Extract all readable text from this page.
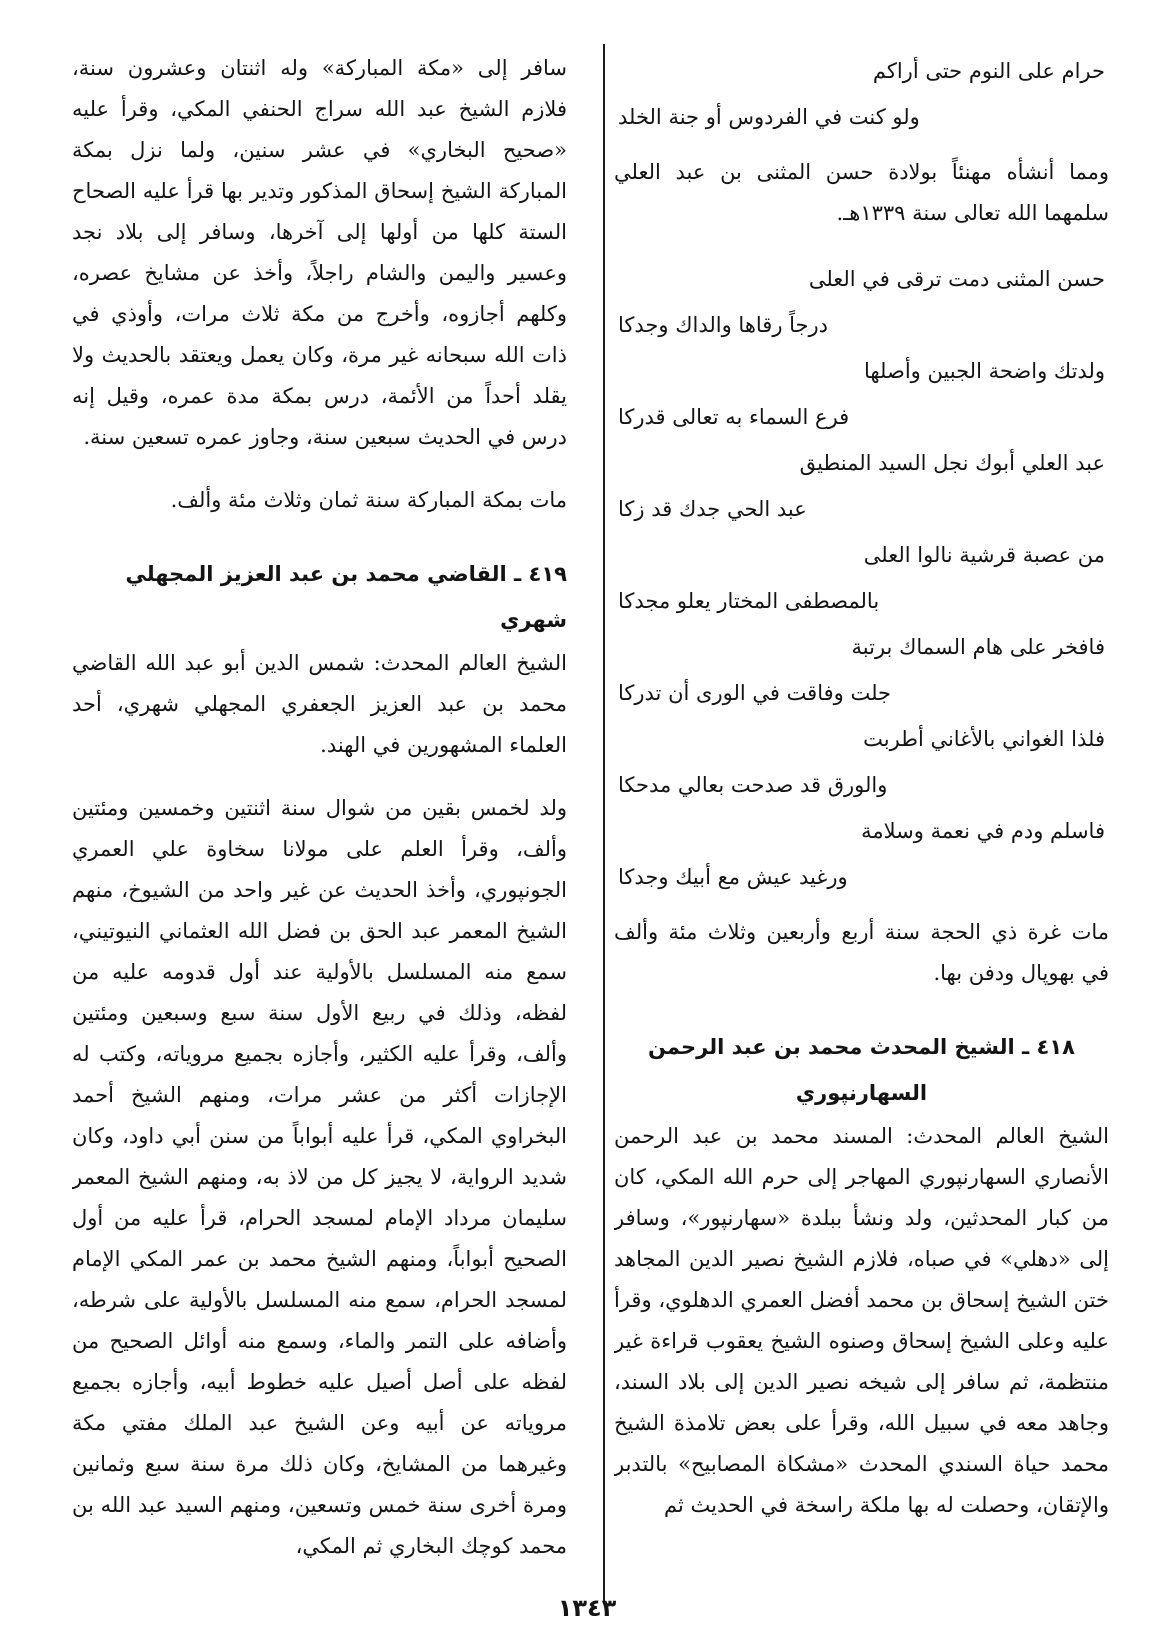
حرام على النوم حتى أراكم

ولو كنت في الفردوس أو جنة الخلد

ومما أنشأه مهنئاً بولادة حسن المثنى بن عبد العلي سلمهما الله تعالى سنة ١٣٣٩هـ.

حسن المثنى دمت ترقى في العلى

درجاً رقاها والداك وجدكا

ولدتك واضحة الجبين وأصلها

فرع السماء به تعالى قدركا

عبد العلي أبوك نجل السيد المنطيق

عبد الحي جدك قد زكا

من عصبة قرشية نالوا العلى

بالمصطفى المختار يعلو مجدكا

فافخر على هام السماك برتبة

جلت وفاقت في الورى أن تدركا

فلذا الغواني بالأغاني أطربت

والورق قد صدحت بعالي مدحكا

فاسلم ودم في نعمة وسلامة

ورغيد عيش مع أبيك وجدكا

مات غرة ذي الحجة سنة أربع وأربعين وثلاث مئة وألف في بهوپال ودفن بها.

٤١٨ ـ الشيخ المحدث محمد بن عبد الرحمن

السهارنپوري

الشيخ العالم المحدث: المسند محمد بن عبد الرحمن الأنصاري السهارنپوري المهاجر إلى حرم الله المكي، كان من كبار المحدثين، ولد ونشأ ببلدة «سهارنپور»، وسافر إلى «دهلي» في صباه، فلازم الشيخ نصير الدين المجاهد ختن الشيخ إسحاق بن محمد أفضل العمري الدهلوي، وقرأ عليه وعلى الشيخ إسحاق وصنوه الشيخ يعقوب قراءة غير منتظمة، ثم سافر إلى شيخه نصير الدين إلى بلاد السند، وجاهد معه في سبيل الله، وقرأ على بعض تلامذة الشيخ محمد حياة السندي المحدث «مشكاة المصابيح» بالتدبر والإتقان، وحصلت له بها ملكة راسخة في الحديث ثم

سافر إلى «مكة المباركة» وله اثنتان وعشرون سنة، فلازم الشيخ عبد الله سراج الحنفي المكي، وقرأ عليه «صحيح البخاري» في عشر سنين، ولما نزل بمكة المباركة الشيخ إسحاق المذكور وتدير بها قرأ عليه الصحاح الستة كلها من أولها إلى آخرها، وسافر إلى بلاد نجد وعسير واليمن والشام راجلاً، وأخذ عن مشايخ عصره، وكلهم أجازوه، وأخرج من مكة ثلاث مرات، وأوذي في ذات الله سبحانه غير مرة، وكان يعمل ويعتقد بالحديث ولا يقلد أحداً من الأئمة، درس بمكة مدة عمره، وقيل إنه درس في الحديث سبعين سنة، وجاوز عمره تسعين سنة.

مات بمكة المباركة سنة ثمان وثلاث مئة وألف.

٤١٩ ـ القاضي محمد بن عبد العزيز المجهلي شهري

الشيخ العالم المحدث: شمس الدين أبو عبد الله القاضي محمد بن عبد العزيز الجعفري المجهلي شهري، أحد العلماء المشهورين في الهند.

ولد لخمس بقين من شوال سنة اثنتين وخمسين ومئتين وألف، وقرأ العلم على مولانا سخاوة علي العمري الجونپوري، وأخذ الحديث عن غير واحد من الشيوخ، منهم الشيخ المعمر عبد الحق بن فضل الله العثماني النيوتيني، سمع منه المسلسل بالأولية عند أول قدومه عليه من لفظه، وذلك في ربيع الأول سنة سبع وسبعين ومئتين وألف، وقرأ عليه الكثير، وأجازه بجميع مروياته، وكتب له الإجازات أكثر من عشر مرات، ومنهم الشيخ أحمد البخراوي المكي، قرأ عليه أبواباً من سنن أبي داود، وكان شديد الرواية، لا يجيز كل من لاذ به، ومنهم الشيخ المعمر سليمان مرداد الإمام لمسجد الحرام، قرأ عليه من أول الصحيح أبواباً، ومنهم الشيخ محمد بن عمر المكي الإمام لمسجد الحرام، سمع منه المسلسل بالأولية على شرطه، وأضافه على التمر والماء، وسمع منه أوائل الصحيح من لفظه على أصل أصيل عليه خطوط أبيه، وأجازه بجميع مروياته عن أبيه وعن الشيخ عبد الملك مفتي مكة وغيرهما من المشايخ، وكان ذلك مرة سنة سبع وثمانين ومرة أخرى سنة خمس وتسعين، ومنهم السيد عبد الله بن محمد كوچك البخاري ثم المكي،

١٣٤٣
